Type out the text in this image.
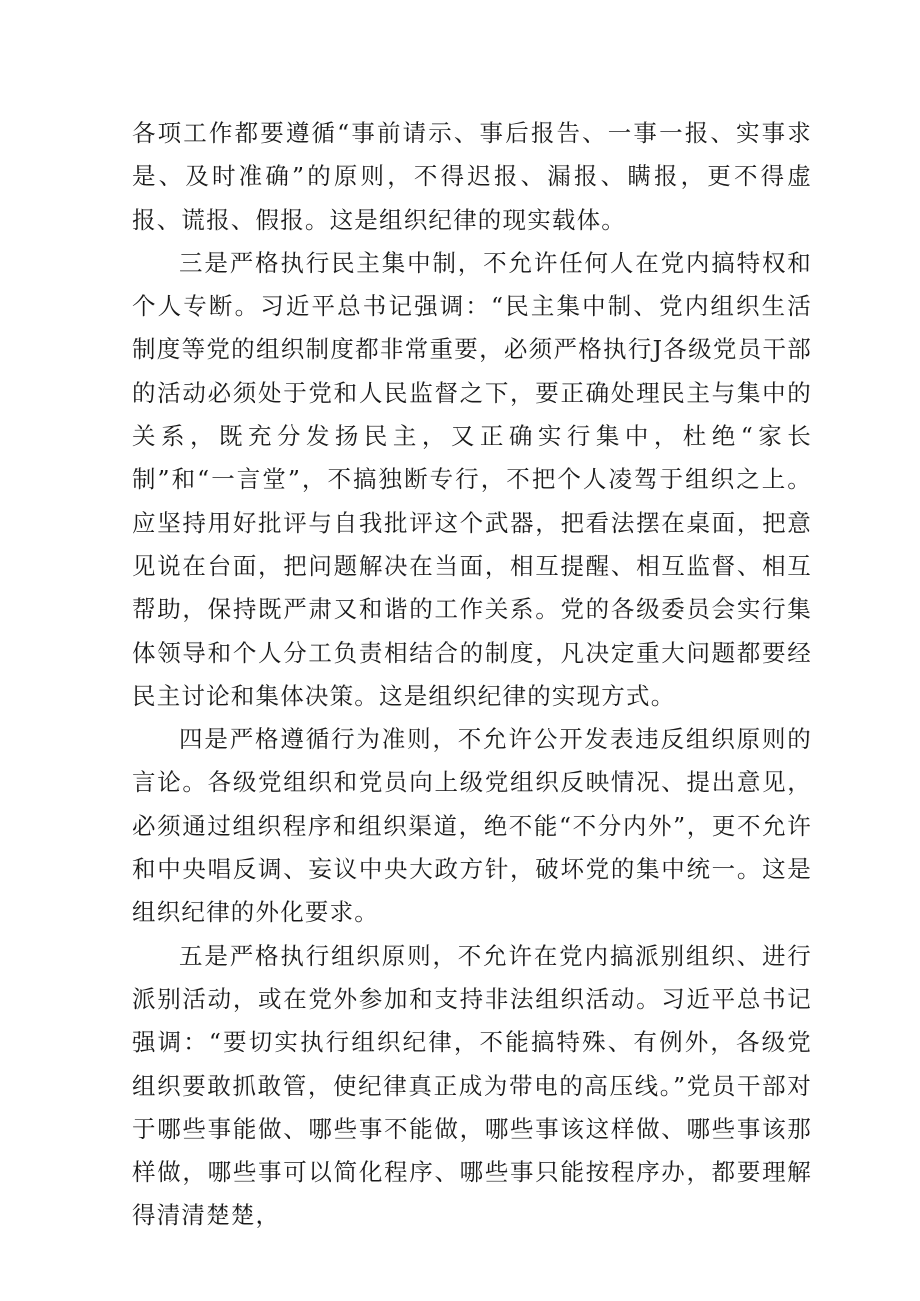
各项工作都要遵循“事前请示、事后报告、一事一报、实事求是、及时准确”的原则，不得迟报、漏报、瞒报，更不得虚报、谎报、假报。这是组织纪律的现实载体。

三是严格执行民主集中制，不允许任何人在党内搞特权和个人专断。习近平总书记强调：“民主集中制、党内组织生活制度等党的组织制度都非常重要，必须严格执行J各级党员干部的活动必须处于党和人民监督之下，要正确处理民主与集中的关系，既充分发扬民主，又正确实行集中，杜绝“家长制”和“一言堂”，不搞独断专行，不把个人凌驾于组织之上。应坚持用好批评与自我批评这个武器，把看法摆在桌面，把意见说在台面，把问题解决在当面，相互提醒、相互监督、相互帮助，保持既严肃又和谐的工作关系。党的各级委员会实行集体领导和个人分工负责相结合的制度，凡决定重大问题都要经民主讨论和集体决策。这是组织纪律的实现方式。

四是严格遵循行为准则，不允许公开发表违反组织原则的言论。各级党组织和党员向上级党组织反映情况、提出意见，必须通过组织程序和组织渠道，绝不能“不分内外”，更不允许和中央唱反调、妄议中央大政方针，破坏党的集中统一。这是组织纪律的外化要求。

五是严格执行组织原则，不允许在党内搞派别组织、进行派别活动，或在党外参加和支持非法组织活动。习近平总书记强调：“要切实执行组织纪律，不能搞特殊、有例外，各级党组织要敢抓敢管，使纪律真正成为带电的高压线。”党员干部对于哪些事能做、哪些事不能做，哪些事该这样做、哪些事该那样做，哪些事可以简化程序、哪些事只能按程序办，都要理解得清清楚楚，
